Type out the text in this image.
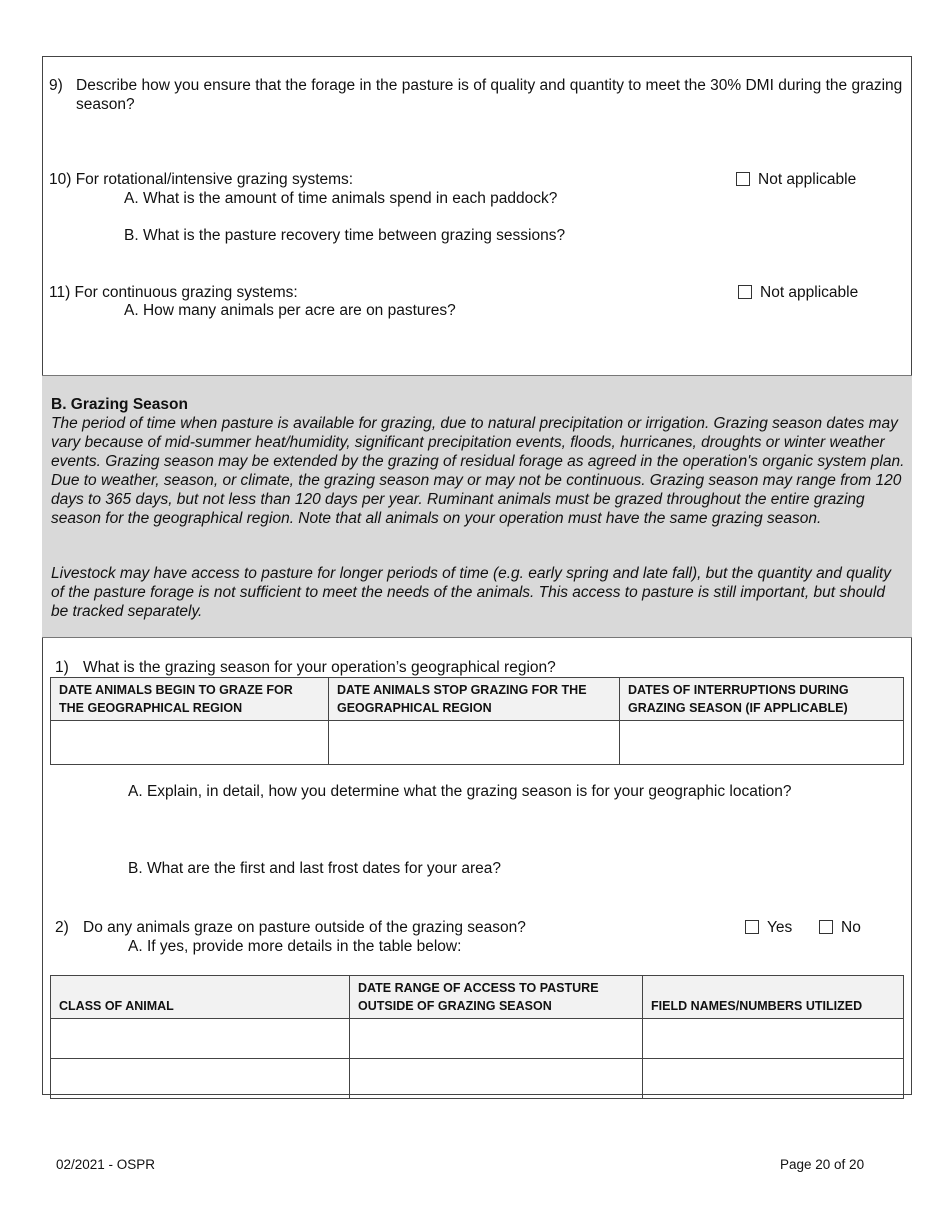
9) Describe how you ensure that the forage in the pasture is of quality and quantity to meet the 30% DMI during the grazing season?
10) For rotational/intensive grazing systems:	Not applicable
A. What is the amount of time animals spend in each paddock?
B. What is the pasture recovery time between grazing sessions?
11) For continuous grazing systems:	Not applicable
A. How many animals per acre are on pastures?
B. Grazing Season
The period of time when pasture is available for grazing, due to natural precipitation or irrigation. Grazing season dates may vary because of mid-summer heat/humidity, significant precipitation events, floods, hurricanes, droughts or winter weather events. Grazing season may be extended by the grazing of residual forage as agreed in the operation's organic system plan. Due to weather, season, or climate, the grazing season may or may not be continuous. Grazing season may range from 120 days to 365 days, but not less than 120 days per year. Ruminant animals must be grazed throughout the entire grazing season for the geographical region. Note that all animals on your operation must have the same grazing season.
Livestock may have access to pasture for longer periods of time (e.g. early spring and late fall), but the quantity and quality of the pasture forage is not sufficient to meet the needs of the animals. This access to pasture is still important, but should be tracked separately.
1) What is the grazing season for your operation’s geographical region?
DATE ANIMALS BEGIN TO GRAZE FOR THE GEOGRAPHICAL REGION	DATE ANIMALS STOP GRAZING FOR THE GEOGRAPHICAL REGION	DATES OF INTERRUPTIONS DURING GRAZING SEASON (IF APPLICABLE)

A. Explain, in detail, how you determine what the grazing season is for your geographic location?
B. What are the first and last frost dates for your area?
2) Do any animals graze on pasture outside of the grazing season?	Yes	No
A. If yes, provide more details in the table below:
CLASS OF ANIMAL	DATE RANGE OF ACCESS TO PASTURE OUTSIDE OF GRAZING SEASON	FIELD NAMES/NUMBERS UTILIZED

02/2021 - OSPR	Page 20 of 20
